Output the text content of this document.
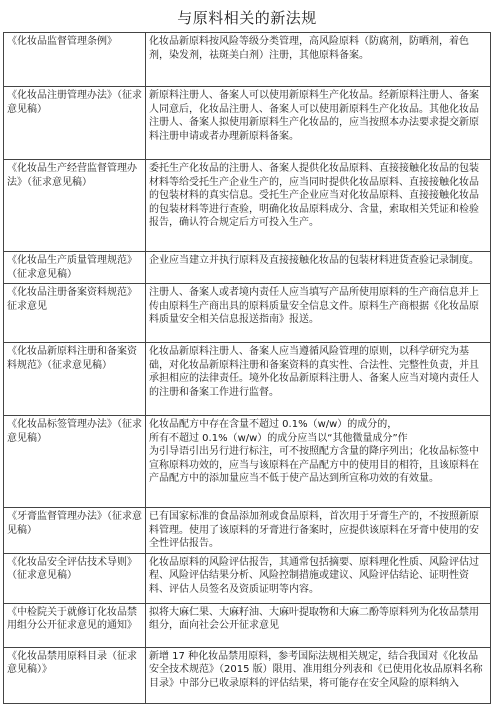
与原料相关的新法规
《化妆品监督管理条例》	化妆品新原料按风险等级分类管理，高风险原料（防腐剂，防晒剂，着色剂，染发剂，祛斑美白剂）注册，其他原料备案。
《化妆品注册管理办法》（征求意见稿）	新原料注册人、备案人可以使用新原料生产化妆品。经新原料注册人、备案人同意后，化妆品注册人、备案人可以使用新原料生产化妆品。其他化妆品注册人、备案人拟使用新原料生产化妆品的，应当按照本办法要求提交新原料注册申请或者办理新原料备案。
《化妆品生产经营监督管理办法》（征求意见稿）	委托生产化妆品的注册人、备案人提供化妆品原料、直接接触化妆品的包装材料等给受托生产企业生产的，应当同时提供化妆品原料、直接接触化妆品的包装材料的真实信息。受托生产企业应当对化妆品原料、直接接触化妆品的包装材料等进行查验，明确化妆品原料成分、含量，索取相关凭证和检验报告，确认符合规定后方可投入生产。
《化妆品生产质量管理规范》（征求意见稿）	企业应当建立并执行原料及直接接触化妆品的包装材料进货查验记录制度。
《化妆品注册备案资料规范》征求意见	注册人、备案人或者境内责任人应当填写产品所使用原料的生产商信息并上传由原料生产商出具的原料质量安全信息文件。原料生产商根据《化妆品原料质量安全相关信息报送指南》报送。
《化妆品新原料注册和备案资料规范》（征求意见稿）	化妆品新原料注册人、备案人应当遵循风险管理的原则，以科学研究为基础，对化妆品新原料注册和备案资料的真实性、合法性、完整性负责，并且承担相应的法律责任。境外化妆品新原料注册人、备案人应当对境内责任人的注册和备案工作进行监督。
《化妆品标签管理办法》（征求意见稿）	化妆品配方中存在含量不超过 0.1%（w/w）的成分的，
所有不超过 0.1%（w/w）的成分应当以“其他微量成分”作
为引导语引出另行进行标注，可不按照配方含量的降序列出；化妆品标签中宣称原料功效的，应当与该原料在产品配方中的使用目的相符，且该原料在产品配方中的添加量应当不低于使产品达到所宣称功效的有效量。
《牙膏监督管理办法》（征求意见稿）	已有国家标准的食品添加剂或食品原料，首次用于牙膏生产的，不按照新原料管理。使用了该原料的牙膏进行备案时，应提供该原料在牙膏中使用的安全性评估报告。
《化妆品安全评估技术导则》（征求意见稿）	化妆品原料的风险评估报告，其通常包括摘要、原料理化性质、风险评估过程、风险评估结果分析、风险控制措施或建议、风险评估结论、证明性资料、评估人员签名及资质证明等内容。
《中检院关于就修订化妆品禁用组分公开征求意见的通知》	拟将大麻仁果、大麻籽油、大麻叶提取物和大麻二酚等原料列为化妆品禁用组分，面向社会公开征求意见
《化妆品禁用原料目录（征求意见稿）》	新增 17 种化妆品禁用原料，参考国际法规相关规定，结合我国对《化妆品安全技术规范》（2015 版）限用、准用组分列表和《已使用化妆品原料名称目录》中部分已收录原料的评估结果，将可能存在安全风险的原料纳入
